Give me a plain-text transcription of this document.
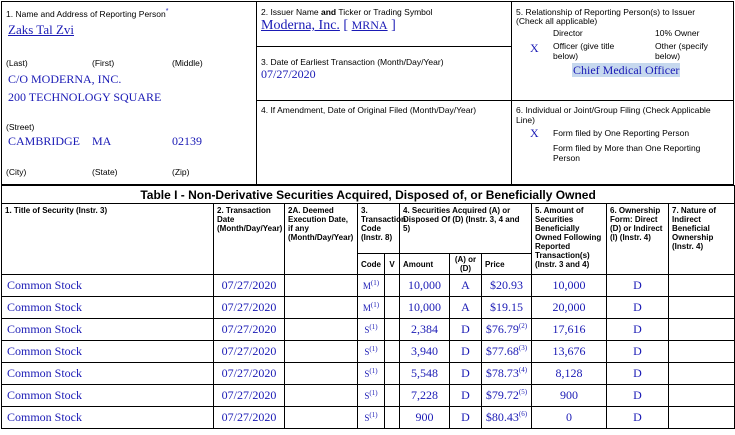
1. Name and Address of Reporting Person*
Zaks Tal Zvi
(Last)	(First)	(Middle)
C/O MODERNA, INC.
200 TECHNOLOGY SQUARE
(Street)
CAMBRIDGE MA	02139
(City)	(State)	(Zip)
2. Issuer Name and Ticker or Trading Symbol
Moderna, Inc. [ MRNA ]
3. Date of Earliest Transaction (Month/Day/Year)
07/27/2020
4. If Amendment, Date of Original Filed (Month/Day/Year)
5. Relationship of Reporting Person(s) to Issuer
(Check all applicable)
Director	10% Owner
X Officer (give title below)
Other (specify below)
Chief Medical Officer
6. Individual or Joint/Group Filing (Check Applicable Line)
X Form filed by One Reporting Person
Form filed by More than One Reporting Person
Table I - Non-Derivative Securities Acquired, Disposed of, or Beneficially Owned										
1. Title of Security (Instr. 3)	2. Transaction Date (Month/Day/Year)	2A. Deemed Execution Date, if any (Month/Day/Year)	3. Transaction Code (Instr. 8)		4. Securities Acquired (A) or Disposed Of (D) (Instr. 3, 4 and 5)			5. Amount of Securities Beneficially Owned Following Reported Transaction(s) (Instr. 3 and 4)	6. Ownership Form: Direct (D) or Indirect (I) (Instr. 4)	7. Nature of Indirect Beneficial Ownership (Instr. 4)
			Code	V	Amount	(A) or (D)	Price			
Common Stock	07/27/2020		$M^{(1)}$		10,000	A	$20.93	10,000	D	
Common Stock	07/27/2020		$M^{(1)}$		10,000	A	$19.15	20,000	D	
Common Stock	07/27/2020		$S^{(1)}$		2,384	D	$76.79$^{(2)}$	17,616	D	
Common Stock	07/27/2020		$S^{(1)}$		3,940	D	$77.68$^{(3)}$	13,676	D	
Common Stock	07/27/2020		$S^{(1)}$		5,548	D	$78.73$^{(4)}$	8,128	D	
Common Stock	07/27/2020		$S^{(1)}$		7,228	D	$79.72$^{(5)}$	900	D	
Common Stock	07/27/2020		$S^{(1)}$		900	D	$80.43$^{(6)}$	0	D	
